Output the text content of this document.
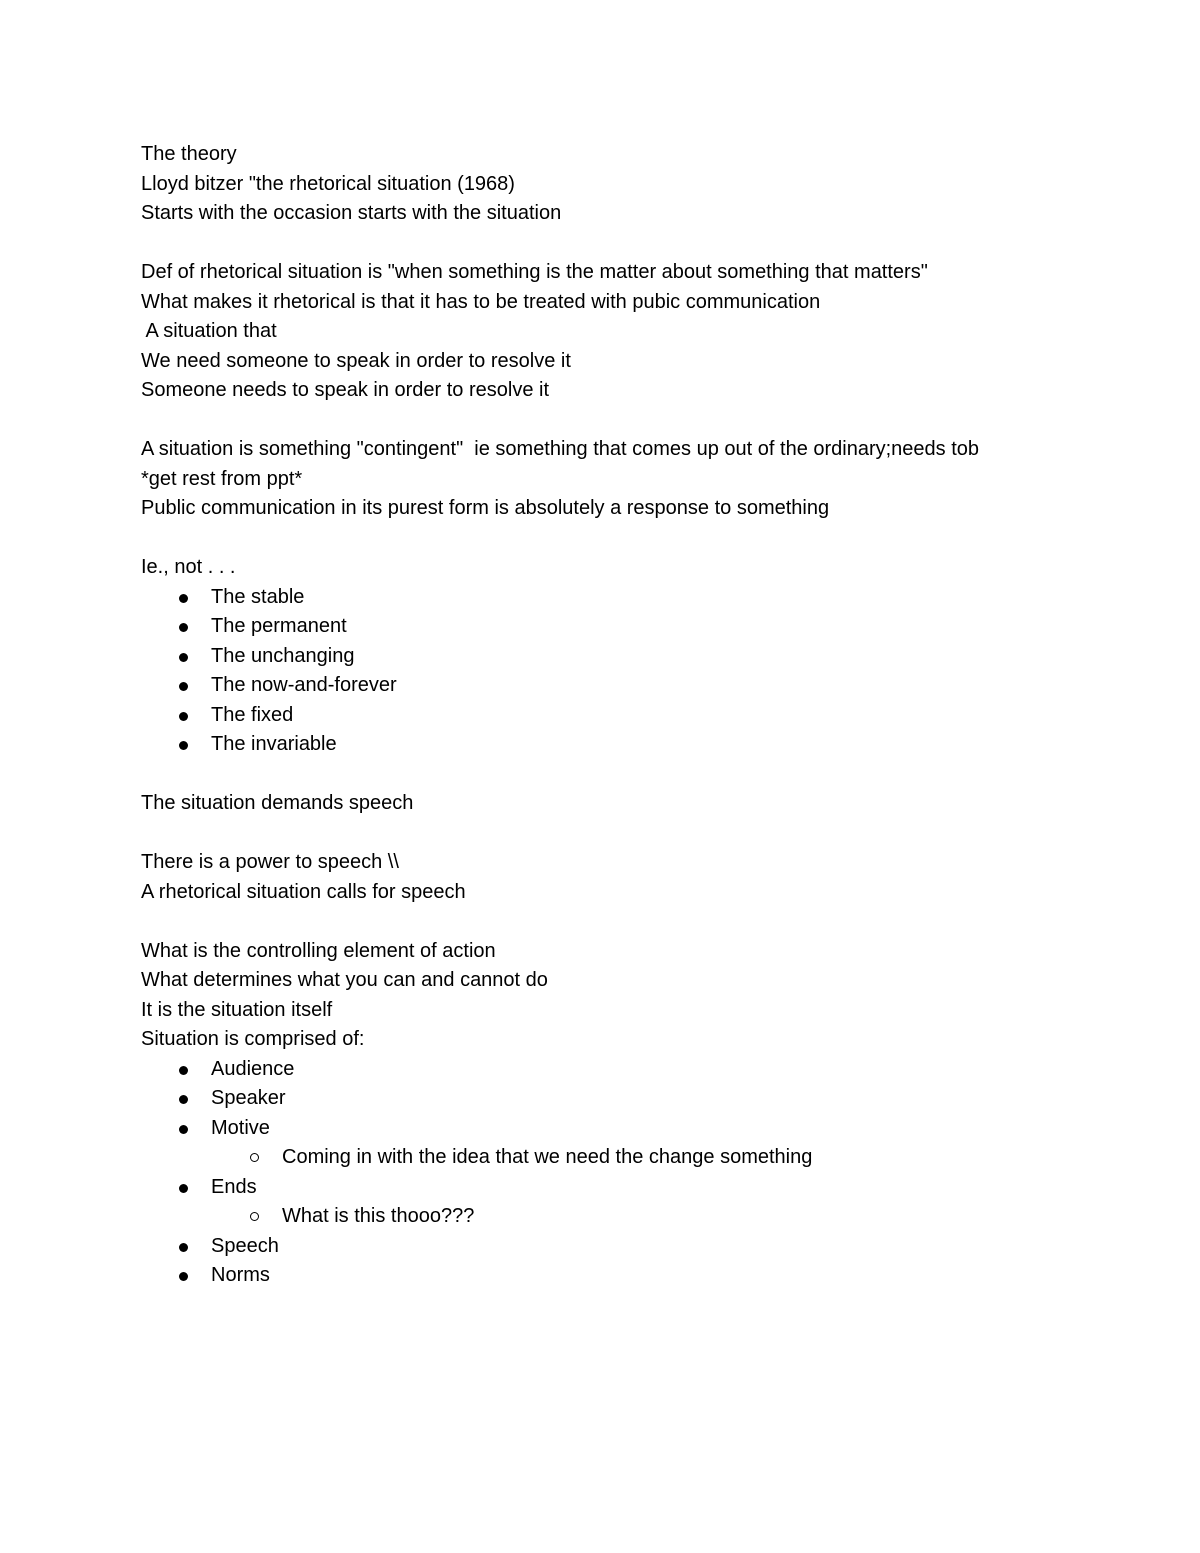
The theory
Lloyd bitzer "the rhetorical situation (1968)
Starts with the occasion starts with the situation
Def of rhetorical situation is "when something is the matter about something that matters"
What makes it rhetorical is that it has to be treated with pubic communication
A situation that
We need someone to speak in order to resolve it
Someone needs to speak in order to resolve it
A situation is something "contingent"  ie something that comes up out of the ordinary;needs tob
*get rest from ppt*
Public communication in its purest form is absolutely a response to something
Ie., not . . .
The stable
The permanent
The unchanging
The now-and-forever
The fixed
The invariable
The situation demands speech
There is a power to speech \\
A rhetorical situation calls for speech
What is the controlling element of action
What determines what you can and cannot do
It is the situation itself
Situation is comprised of:
Audience
Speaker
Motive
Coming in with the idea that we need the change something
Ends
What is this thooo???
Speech
Norms
